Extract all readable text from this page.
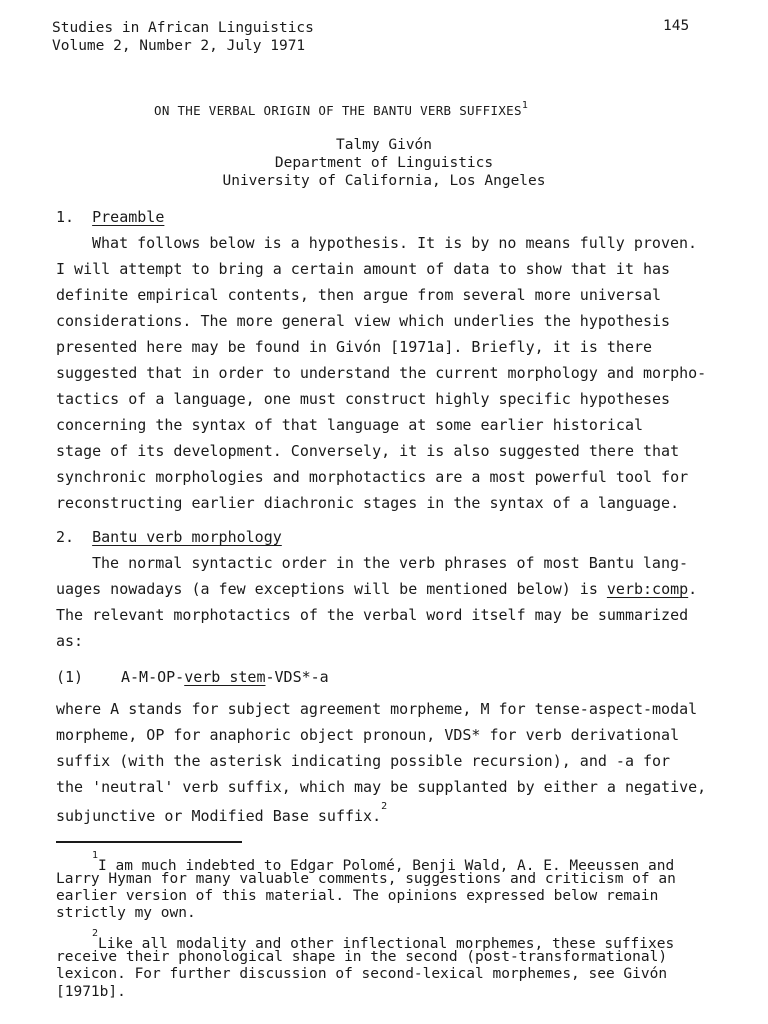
Studies in African Linguistics
Volume 2, Number 2, July 1971
145
ON THE VERBAL ORIGIN OF THE BANTU VERB SUFFIXES$^1$
Talmy Givón
Department of Linguistics
University of California, Los Angeles
1. Preamble
What follows below is a hypothesis. It is by no means fully proven.
I will attempt to bring a certain amount of data to show that it has
definite empirical contents, then argue from several more universal
considerations. The more general view which underlies the hypothesis
presented here may be found in Givón [1971a]. Briefly, it is there
suggested that in order to understand the current morphology and morpho-
tactics of a language, one must construct highly specific hypotheses
concerning the syntax of that language at some earlier historical
stage of its development. Conversely, it is also suggested there that
synchronic morphologies and morphotactics are a most powerful tool for
reconstructing earlier diachronic stages in the syntax of a language.
2. Bantu verb morphology
The normal syntactic order in the verb phrases of most Bantu lang-
uages nowadays (a few exceptions will be mentioned below) is verb:comp.
The relevant morphotactics of the verbal word itself may be summarized
as:
(1)	A-M-OP-verb stem-VDS*-a
where A stands for subject agreement morpheme, M for tense-aspect-modal
morpheme, OP for anaphoric object pronoun, VDS* for verb derivational
suffix (with the asterisk indicating possible recursion), and -a for
the 'neutral' verb suffix, which may be supplanted by either a negative,
subjunctive or Modified Base suffix.$^2$
$^1$I am much indebted to Edgar Polomé, Benji Wald, A. E. Meeussen and
Larry Hyman for many valuable comments, suggestions and criticism of an
earlier version of this material. The opinions expressed below remain
strictly my own.
$^2$Like all modality and other inflectional morphemes, these suffixes
receive their phonological shape in the second (post-transformational)
lexicon. For further discussion of second-lexical morphemes, see Givón
[1971b].
